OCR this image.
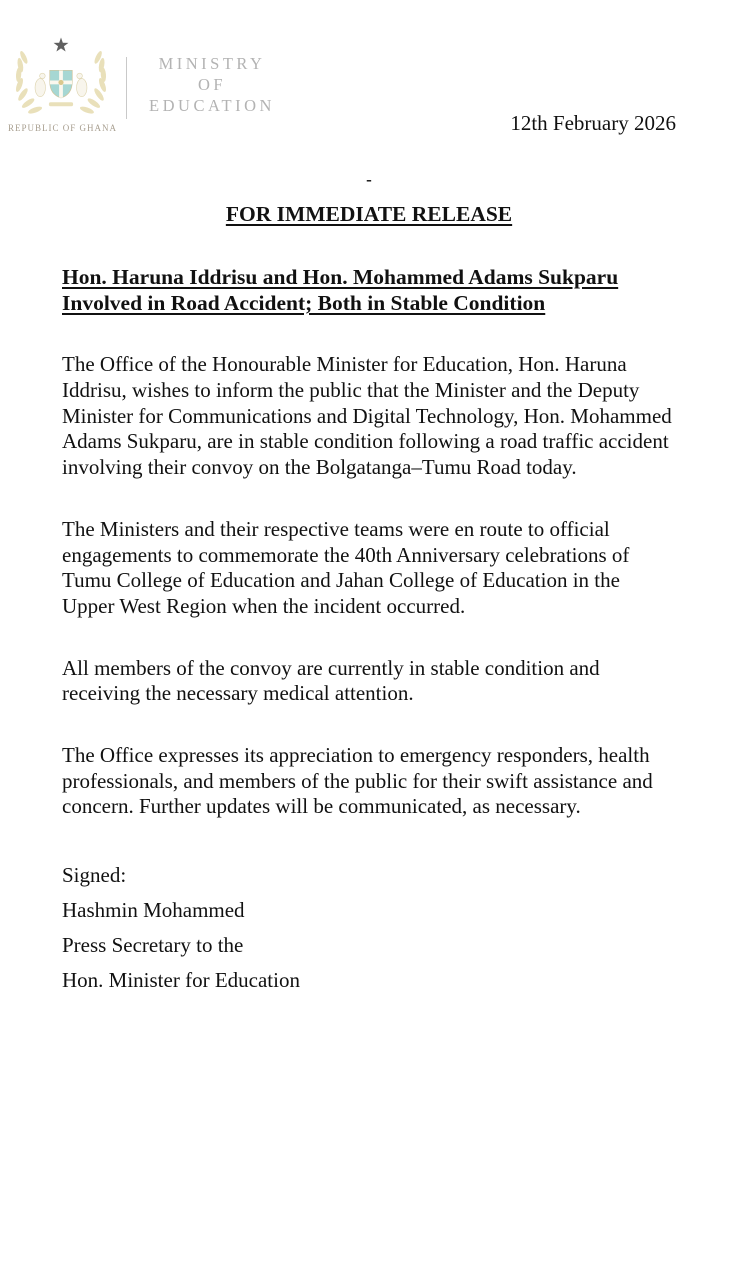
REPUBLIC OF GHANA
MINISTRY
OF
EDUCATION
12th February 2026
-
FOR IMMEDIATE RELEASE
Hon. Haruna Iddrisu and Hon. Mohammed Adams Sukparu
Involved in Road Accident; Both in Stable Condition
The Office of the Honourable Minister for Education, Hon. Haruna Iddrisu, wishes to inform the public that the Minister and the Deputy Minister for Communications and Digital Technology, Hon. Mohammed Adams Sukparu, are in stable condition following a road traffic accident involving their convoy on the Bolgatanga–Tumu Road today.
The Ministers and their respective teams were en route to official engagements to commemorate the 40th Anniversary celebrations of Tumu College of Education and Jahan College of Education in the Upper West Region when the incident occurred.
All members of the convoy are currently in stable condition and receiving the necessary medical attention.
The Office expresses its appreciation to emergency responders, health professionals, and members of the public for their swift assistance and concern. Further updates will be communicated, as necessary.
Signed:
Hashmin Mohammed
Press Secretary to the
Hon. Minister for Education
